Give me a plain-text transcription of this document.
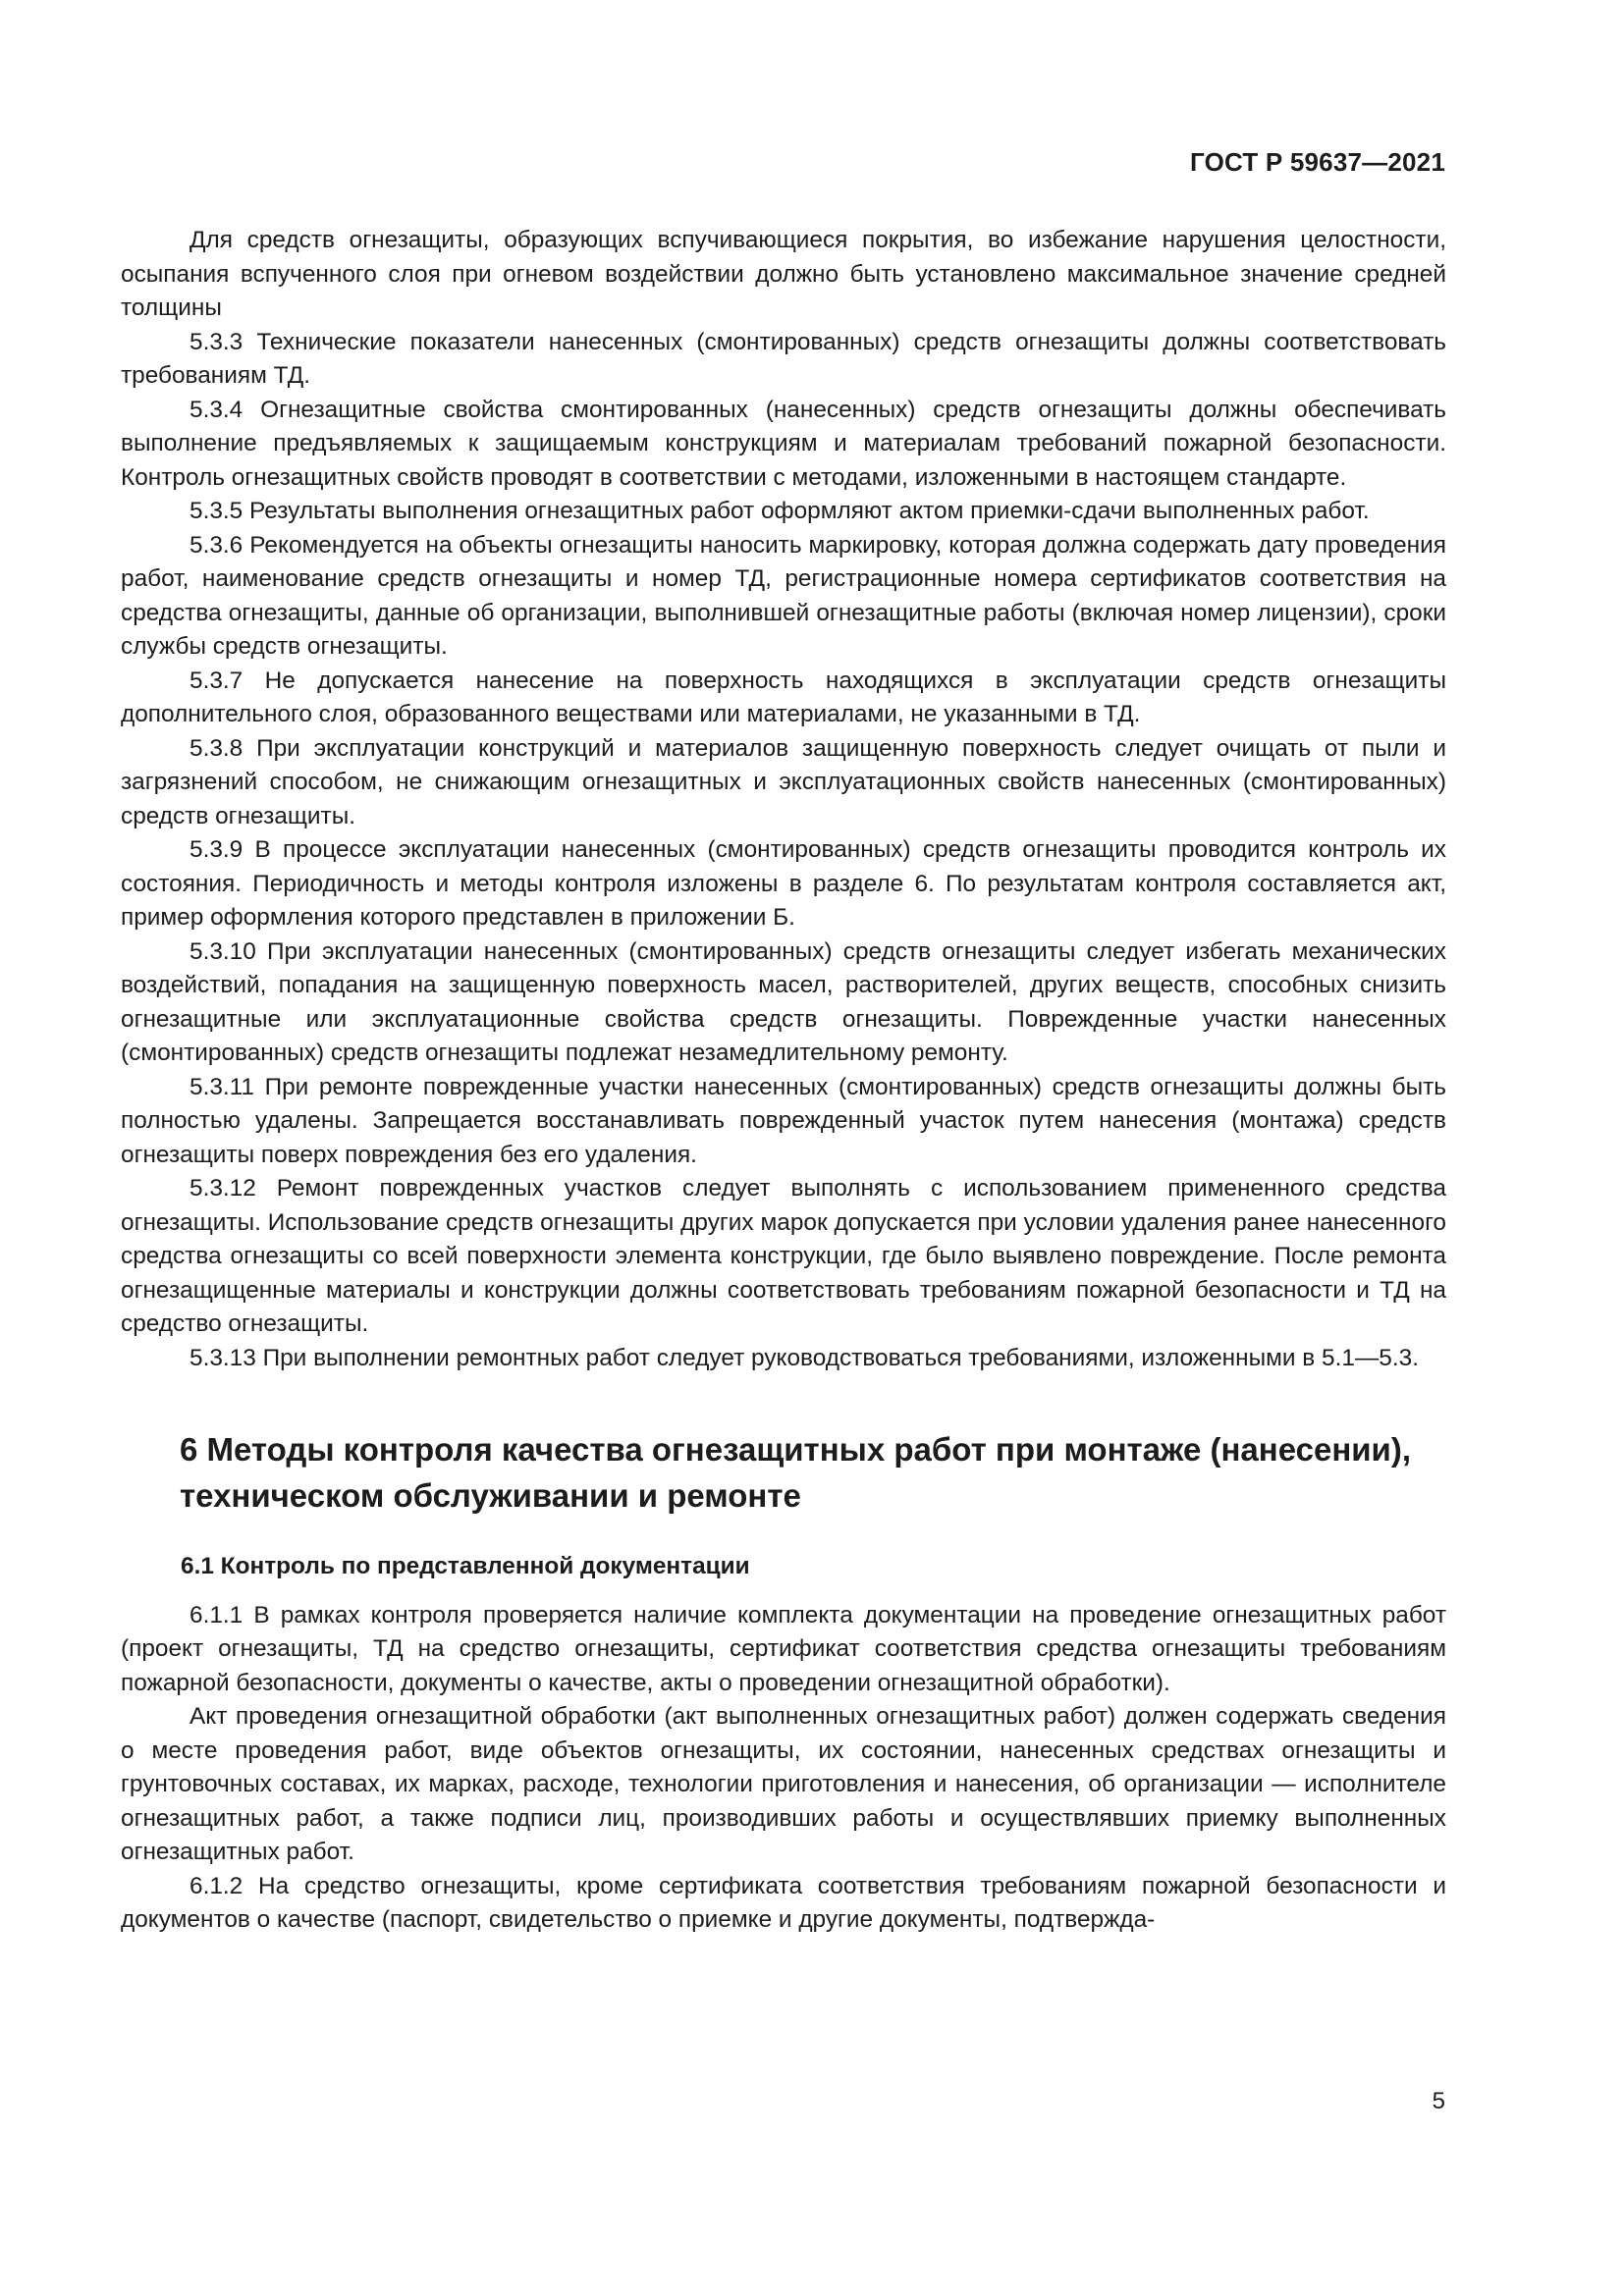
ГОСТ Р 59637—2021

Для средств огнезащиты, образующих вспучивающиеся покрытия, во избежание нарушения целостности, осыпания вспученного слоя при огневом воздействии должно быть установлено максимальное значение средней толщины

5.3.3 Технические показатели нанесенных (смонтированных) средств огнезащиты должны соответствовать требованиям ТД.

5.3.4 Огнезащитные свойства смонтированных (нанесенных) средств огнезащиты должны обеспечивать выполнение предъявляемых к защищаемым конструкциям и материалам требований пожарной безопасности. Контроль огнезащитных свойств проводят в соответствии с методами, изложенными в настоящем стандарте.

5.3.5 Результаты выполнения огнезащитных работ оформляют актом приемки-сдачи выполненных работ.

5.3.6 Рекомендуется на объекты огнезащиты наносить маркировку, которая должна содержать дату проведения работ, наименование средств огнезащиты и номер ТД, регистрационные номера сертификатов соответствия на средства огнезащиты, данные об организации, выполнившей огнезащитные работы (включая номер лицензии), сроки службы средств огнезащиты.

5.3.7 Не допускается нанесение на поверхность находящихся в эксплуатации средств огнезащиты дополнительного слоя, образованного веществами или материалами, не указанными в ТД.

5.3.8 При эксплуатации конструкций и материалов защищенную поверхность следует очищать от пыли и загрязнений способом, не снижающим огнезащитных и эксплуатационных свойств нанесенных (смонтированных) средств огнезащиты.

5.3.9 В процессе эксплуатации нанесенных (смонтированных) средств огнезащиты проводится контроль их состояния. Периодичность и методы контроля изложены в разделе 6. По результатам контроля составляется акт, пример оформления которого представлен в приложении Б.

5.3.10 При эксплуатации нанесенных (смонтированных) средств огнезащиты следует избегать механических воздействий, попадания на защищенную поверхность масел, растворителей, других веществ, способных снизить огнезащитные или эксплуатационные свойства средств огнезащиты. Поврежденные участки нанесенных (смонтированных) средств огнезащиты подлежат незамедлительному ремонту.

5.3.11 При ремонте поврежденные участки нанесенных (смонтированных) средств огнезащиты должны быть полностью удалены. Запрещается восстанавливать поврежденный участок путем нанесения (монтажа) средств огнезащиты поверх повреждения без его удаления.

5.3.12 Ремонт поврежденных участков следует выполнять с использованием примененного средства огнезащиты. Использование средств огнезащиты других марок допускается при условии удаления ранее нанесенного средства огнезащиты со всей поверхности элемента конструкции, где было выявлено повреждение. После ремонта огнезащищенные материалы и конструкции должны соответствовать требованиям пожарной безопасности и ТД на средство огнезащиты.

5.3.13 При выполнении ремонтных работ следует руководствоваться требованиями, изложенными в 5.1—5.3.

6 Методы контроля качества огнезащитных работ при монтаже (нанесении), техническом обслуживании и ремонте
6.1 Контроль по представленной документации

6.1.1 В рамках контроля проверяется наличие комплекта документации на проведение огнезащитных работ (проект огнезащиты, ТД на средство огнезащиты, сертификат соответствия средства огнезащиты требованиям пожарной безопасности, документы о качестве, акты о проведении огнезащитной обработки).

Акт проведения огнезащитной обработки (акт выполненных огнезащитных работ) должен содержать сведения о месте проведения работ, виде объектов огнезащиты, их состоянии, нанесенных средствах огнезащиты и грунтовочных составах, их марках, расходе, технологии приготовления и нанесения, об организации — исполнителе огнезащитных работ, а также подписи лиц, производивших работы и осуществлявших приемку выполненных огнезащитных работ.

6.1.2 На средство огнезащиты, кроме сертификата соответствия требованиям пожарной безопасности и документов о качестве (паспорт, свидетельство о приемке и другие документы, подтвержда-

5
